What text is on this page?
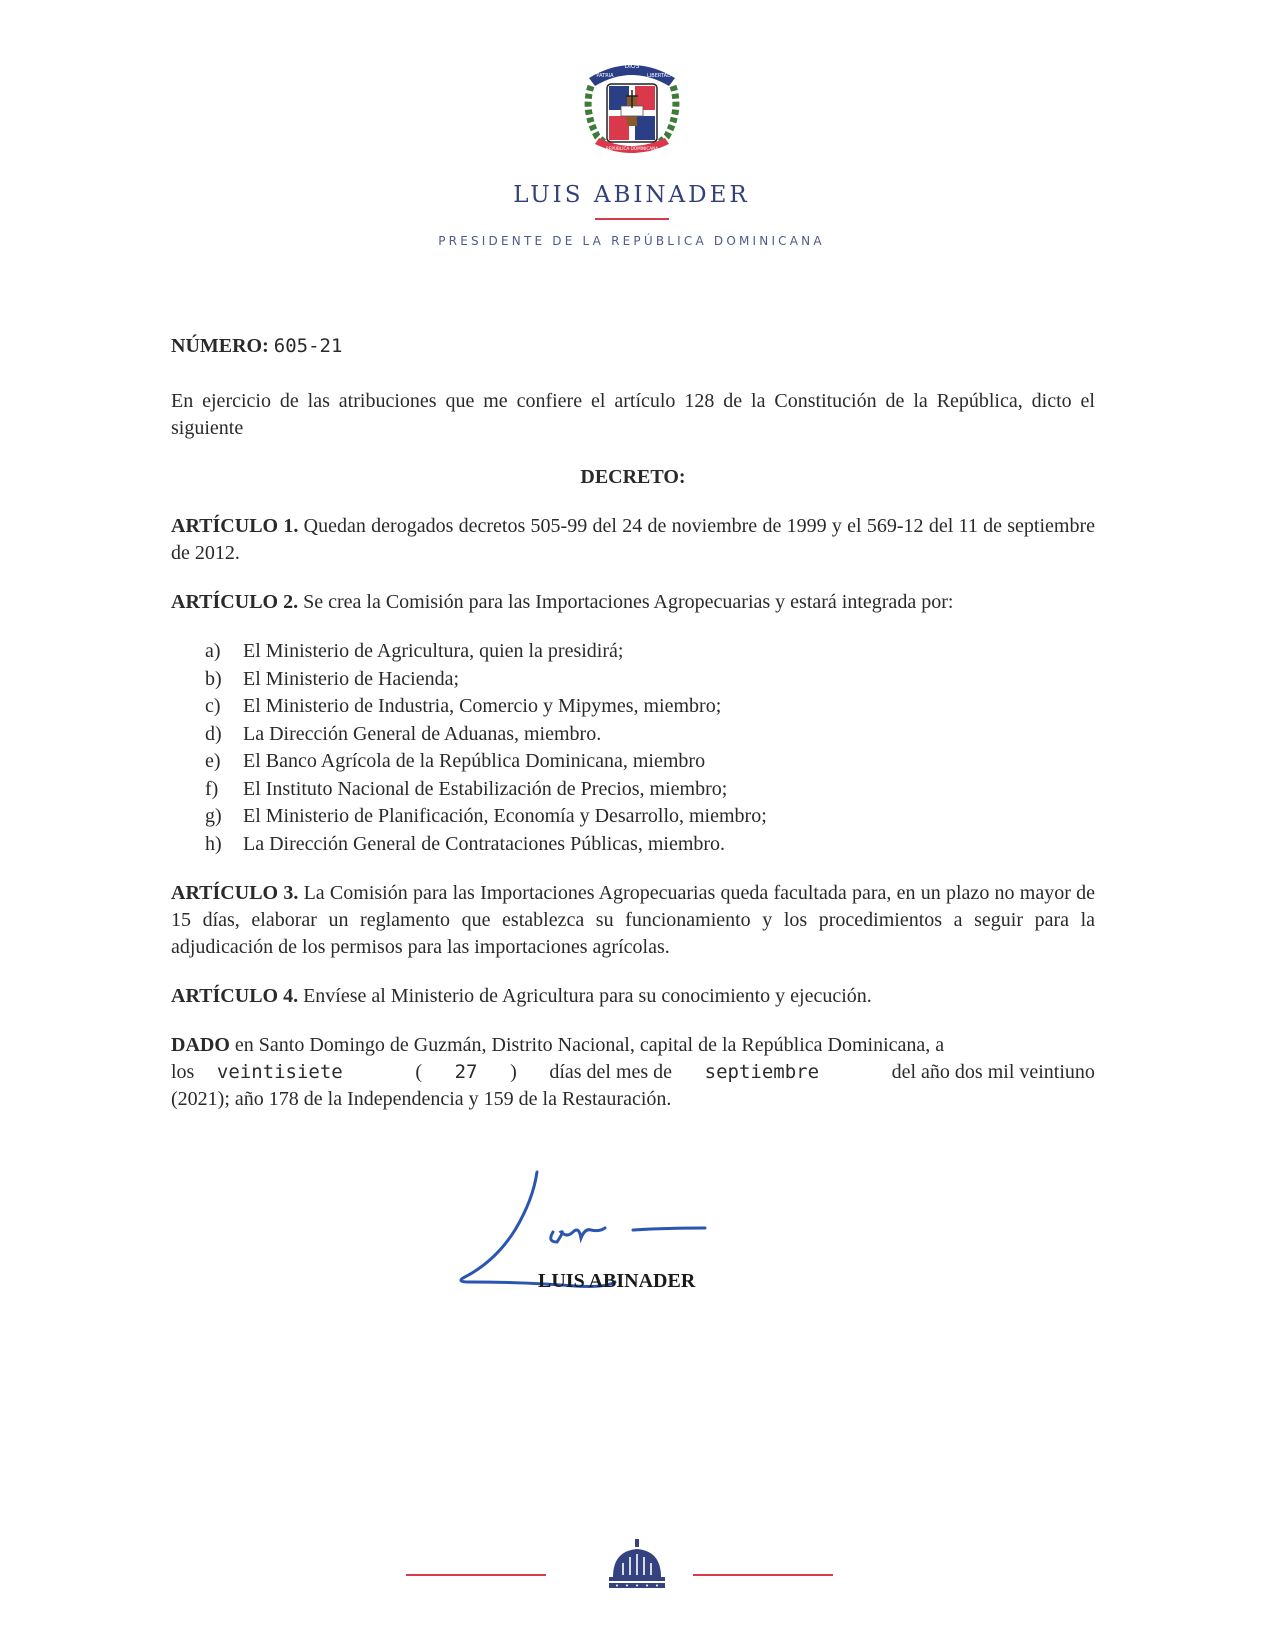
DIOS
PATRIA	LIBERTAD
REPÚBLICA DOMINICANA
LUIS ABINADER
PRESIDENTE DE LA REPÚBLICA DOMINICANA
NÚMERO: 605-21

En ejercicio de las atribuciones que me confiere el artículo 128 de la Constitución de la República, dicto el siguiente

DECRETO:

ARTÍCULO 1. Quedan derogados decretos 505-99 del 24 de noviembre de 1999 y el 569-12 del 11 de septiembre de 2012.

ARTÍCULO 2. Se crea la Comisión para las Importaciones Agropecuarias y estará integrada por:

a)	El Ministerio de Agricultura, quien la presidirá;
b)	El Ministerio de Hacienda;
c)	El Ministerio de Industria, Comercio y Mipymes, miembro;
d)	La Dirección General de Aduanas, miembro.
e)	El Banco Agrícola de la República Dominicana, miembro
f)	El Instituto Nacional de Estabilización de Precios, miembro;
g)	El Ministerio de Planificación, Economía y Desarrollo, miembro;
h)	La Dirección General de Contrataciones Públicas, miembro.

ARTÍCULO 3. La Comisión para las Importaciones Agropecuarias queda facultada para, en un plazo no mayor de 15 días, elaborar un reglamento que establezca su funcionamiento y los procedimientos a seguir para la adjudicación de los permisos para las importaciones agrícolas.

ARTÍCULO 4. Envíese al Ministerio de Agricultura para su conocimiento y ejecución.

DADO en Santo Domingo de Guzmán, Distrito Nacional, capital de la República Dominicana, a

los veintisiete	( 27 ) días del mes de septiembre	del año dos mil veintiuno

(2021); año 178 de la Independencia y 159 de la Restauración.

LUIS ABINADER
